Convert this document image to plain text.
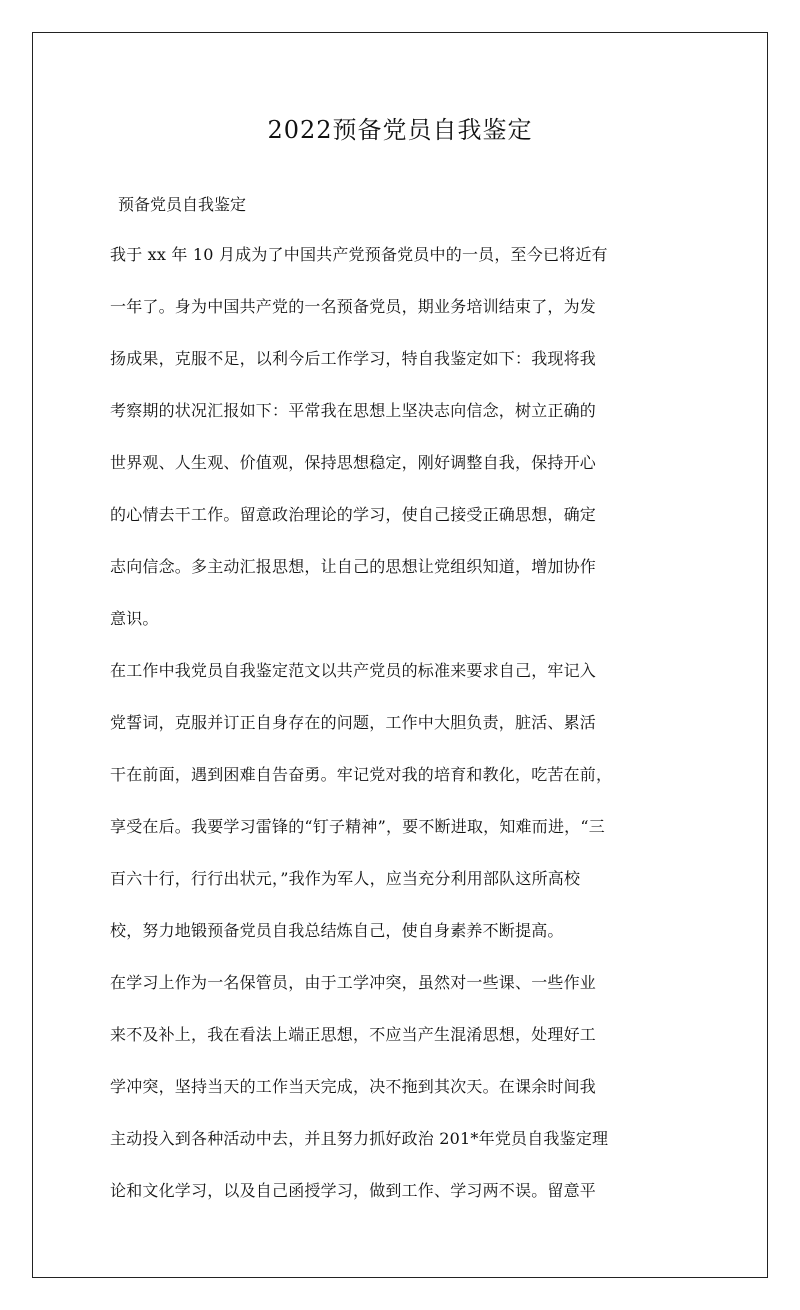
2022预备党员自我鉴定
预备党员自我鉴定
我于 xx 年 10 月成为了中国共产党预备党员中的一员，至今已将近有
一年了。身为中国共产党的一名预备党员，期业务培训结束了，为发
扬成果，克服不足，以利今后工作学习，特自我鉴定如下：我现将我
考察期的状况汇报如下：平常我在思想上坚决志向信念，树立正确的
世界观、人生观、价值观，保持思想稳定，刚好调整自我，保持开心
的心情去干工作。留意政治理论的学习，使自己接受正确思想，确定
志向信念。多主动汇报思想，让自己的思想让党组织知道，增加协作
意识。
在工作中我党员自我鉴定范文以共产党员的标准来要求自己，牢记入
党誓词，克服并订正自身存在的问题，工作中大胆负责，脏活、累活
干在前面，遇到困难自告奋勇。牢记党对我的培育和教化，吃苦在前，
享受在后。我要学习雷锋的“钉子精神”，要不断进取，知难而进，“三
百六十行，行行出状元，”我作为军人，应当充分利用部队这所高校
校，努力地锻预备党员自我总结炼自己，使自身素养不断提高。
在学习上作为一名保管员，由于工学冲突，虽然对一些课、一些作业
来不及补上，我在看法上端正思想，不应当产生混淆思想，处理好工
学冲突，坚持当天的工作当天完成，决不拖到其次天。在课余时间我
主动投入到各种活动中去，并且努力抓好政治 201*年党员自我鉴定理
论和文化学习，以及自己函授学习，做到工作、学习两不误。留意平
